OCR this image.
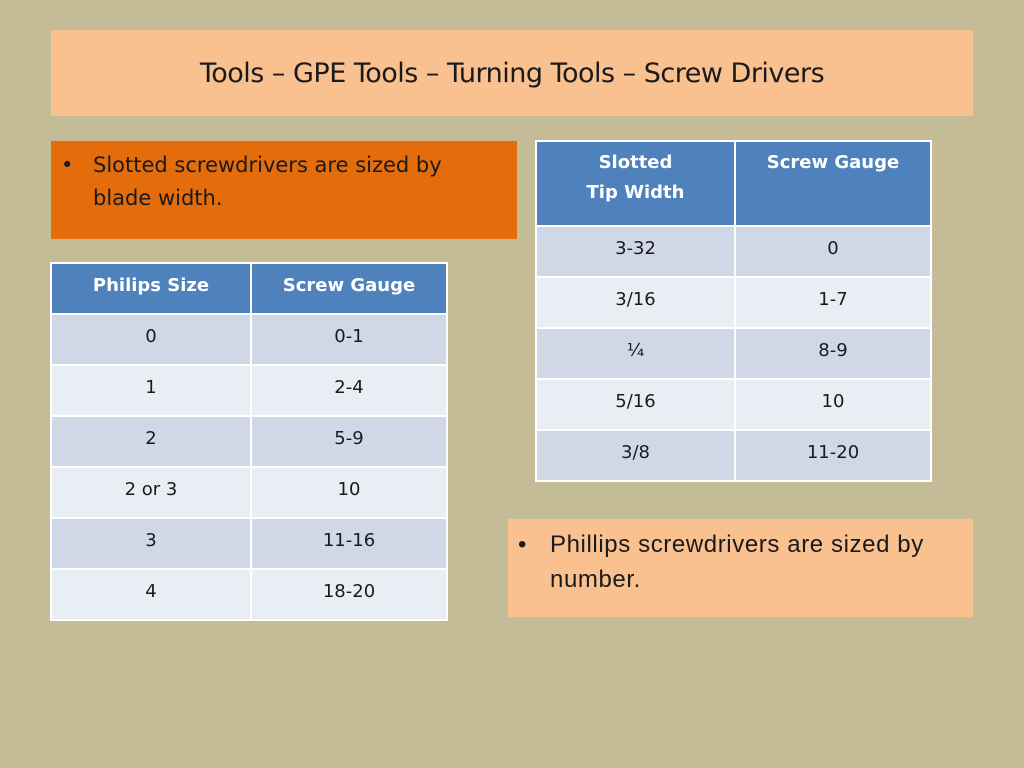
Tools – GPE Tools – Turning Tools – Screw Drivers
• Slotted screwdrivers are sized by blade width.
Philips Size	Screw Gauge
0	0-1
1	2-4
2	5-9
2 or 3	10
3	11-16
4	18-20
Slotted
Tip Width	Screw Gauge

3-32	0
3/16	1-7
¼	8-9
5/16	10
3/8	11-20
• Phillips screwdrivers are sized by number.
